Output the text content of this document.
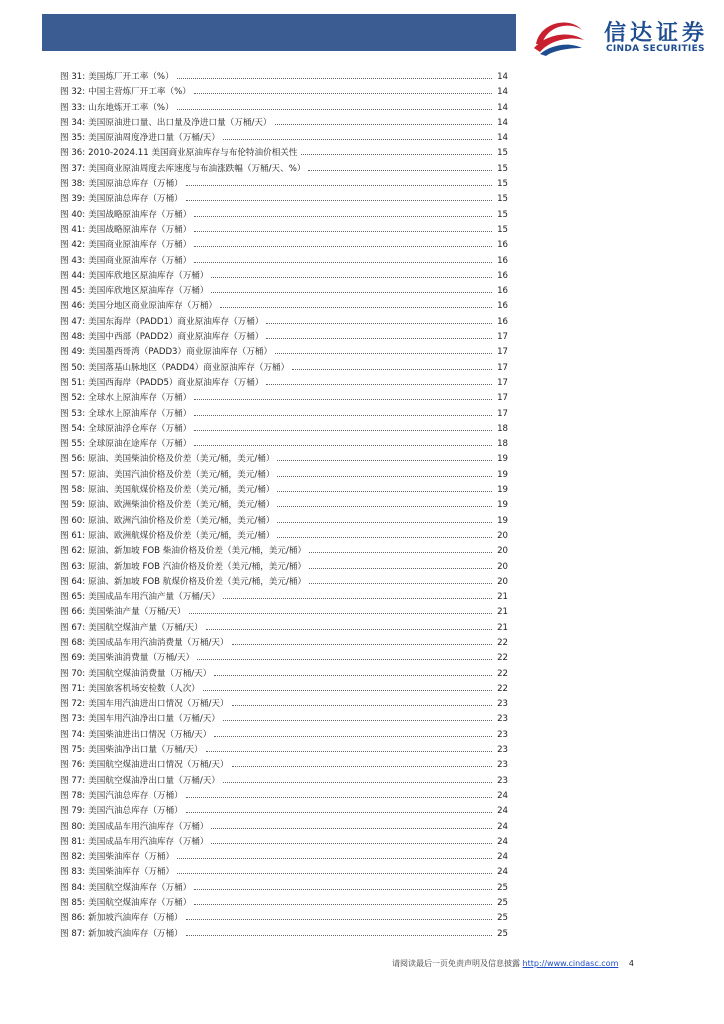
信达证券
CINDA SECURITIES
图 31: 美国炼厂开工率（%）	14
图 32: 中国主营炼厂开工率（%）	14
图 33: 山东地炼开工率（%）	14
图 34: 美国原油进口量、出口量及净进口量（万桶/天）	14
图 35: 美国原油周度净进口量（万桶/天）	14
图 36: 2010-2024.11 美国商业原油库存与布伦特油价相关性	15
图 37: 美国商业原油周度去库速度与布油涨跌幅（万桶/天、%）	15
图 38: 美国原油总库存（万桶）	15
图 39: 美国原油总库存（万桶）	15
图 40: 美国战略原油库存（万桶）	15
图 41: 美国战略原油库存（万桶）	15
图 42: 美国商业原油库存（万桶）	16
图 43: 美国商业原油库存（万桶）	16
图 44: 美国库欣地区原油库存（万桶）	16
图 45: 美国库欣地区原油库存（万桶）	16
图 46: 美国分地区商业原油库存（万桶）	16
图 47: 美国东海岸（PADD1）商业原油库存（万桶）	16
图 48: 美国中西部（PADD2）商业原油库存（万桶）	17
图 49: 美国墨西哥湾（PADD3）商业原油库存（万桶）	17
图 50: 美国落基山脉地区（PADD4）商业原油库存（万桶）	17
图 51: 美国西海岸（PADD5）商业原油库存（万桶）	17
图 52: 全球水上原油库存（万桶）	17
图 53: 全球水上原油库存（万桶）	17
图 54: 全球原油浮仓库存（万桶）	18
图 55: 全球原油在途库存（万桶）	18
图 56: 原油、美国柴油价格及价差（美元/桶，美元/桶）	19
图 57: 原油、美国汽油价格及价差（美元/桶，美元/桶）	19
图 58: 原油、美国航煤价格及价差（美元/桶，美元/桶）	19
图 59: 原油、欧洲柴油价格及价差（美元/桶，美元/桶）	19
图 60: 原油、欧洲汽油价格及价差（美元/桶，美元/桶）	19
图 61: 原油、欧洲航煤价格及价差（美元/桶，美元/桶）	20
图 62: 原油、新加坡 FOB 柴油价格及价差（美元/桶，美元/桶）	20
图 63: 原油、新加坡 FOB 汽油价格及价差（美元/桶，美元/桶）	20
图 64: 原油、新加坡 FOB 航煤价格及价差（美元/桶，美元/桶）	20
图 65: 美国成品车用汽油产量（万桶/天）	21
图 66: 美国柴油产量（万桶/天）	21
图 67: 美国航空煤油产量（万桶/天）	21
图 68: 美国成品车用汽油消费量（万桶/天）	22
图 69: 美国柴油消费量（万桶/天）	22
图 70: 美国航空煤油消费量（万桶/天）	22
图 71: 美国旅客机场安检数（人次）	22
图 72: 美国车用汽油进出口情况（万桶/天）	23
图 73: 美国车用汽油净出口量（万桶/天）	23
图 74: 美国柴油进出口情况（万桶/天）	23
图 75: 美国柴油净出口量（万桶/天）	23
图 76: 美国航空煤油进出口情况（万桶/天）	23
图 77: 美国航空煤油净出口量（万桶/天）	23
图 78: 美国汽油总库存（万桶）	24
图 79: 美国汽油总库存（万桶）	24
图 80: 美国成品车用汽油库存（万桶）	24
图 81: 美国成品车用汽油库存（万桶）	24
图 82: 美国柴油库存（万桶）	24
图 83: 美国柴油库存（万桶）	24
图 84: 美国航空煤油库存（万桶）	25
图 85: 美国航空煤油库存（万桶）	25
图 86: 新加坡汽油库存（万桶）	25
图 87: 新加坡汽油库存（万桶）	25
请阅读最后一页免责声明及信息披露 http://www.cindasc.com 4
